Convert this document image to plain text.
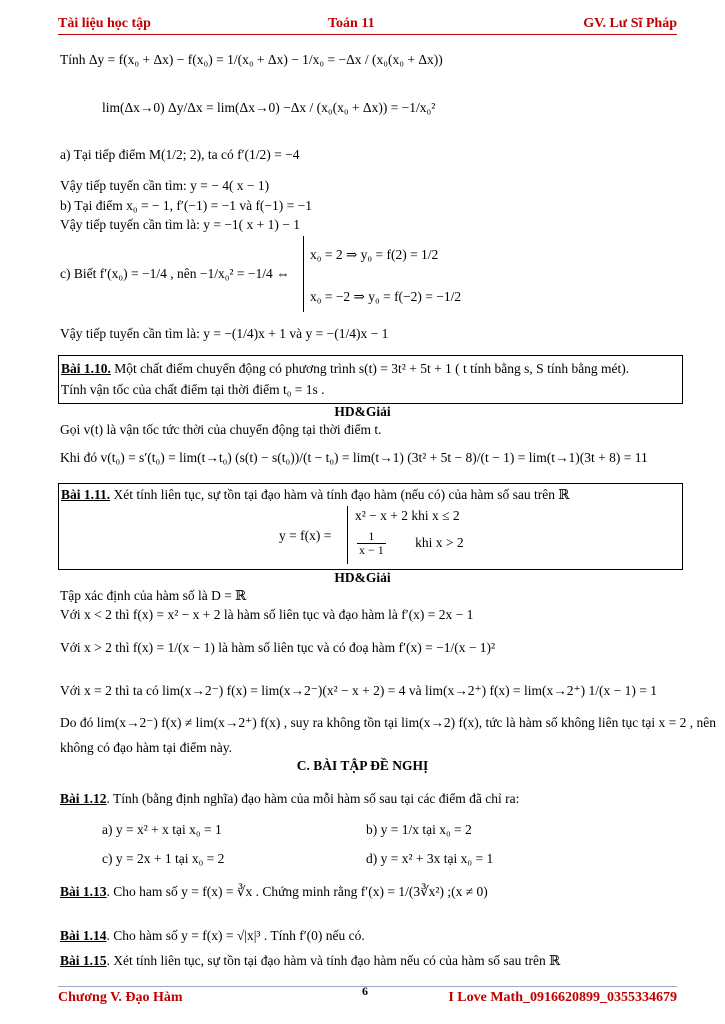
Tài liệu học tập	Toán 11	GV. Lư Sĩ Pháp
Tính Δy = f(x₀ + Δx) − f(x₀) = 1/(x₀ + Δx) − 1/x₀ = −Δx / (x₀(x₀ + Δx))
lim(Δx→0) Δy/Δx = lim(Δx→0) −Δx / (x₀(x₀ + Δx)) = −1/x₀²
a) Tại tiếp điểm M(1/2; 2), ta có f′(1/2) = −4
Vậy tiếp tuyến cần tìm: y = − 4( x − 1)
b) Tại điểm x₀ = − 1, f′(−1) = −1 và f(−1) = −1
Vậy tiếp tuyến cần tìm là: y = −1( x + 1) − 1
c) Biết f′(x₀) = −1/4 , nên −1/x₀² = −1/4 ⇔
x₀ = 2 ⇒ y₀ = f(2) = 1/2
x₀ = −2 ⇒ y₀ = f(−2) = −1/2
Vậy tiếp tuyến cần tìm là: y = −(1/4)x + 1 và y = −(1/4)x − 1
Bài 1.10. Một chất điểm chuyển động có phương trình s(t) = 3t² + 5t + 1 ( t tính bằng s, S tính bằng mét).
Tính vận tốc của chất điểm tại thời điểm t₀ = 1s .
HD&Giải
Gọi v(t) là vận tốc tức thời của chuyển động tại thời điểm t.
Khi đó v(t₀) = s′(t₀) = lim(t→t₀) (s(t) − s(t₀))/(t − t₀) = lim(t→1) (3t² + 5t − 8)/(t − 1) = lim(t→1)(3t + 8) = 11
Bài 1.11. Xét tính liên tục, sự tồn tại đạo hàm và tính đạo hàm (nếu có) của hàm số sau trên ℝ
y = f(x) =
x² − x + 2 khi x ≤ 2
$\frac{1}{x - 1}$ khi x > 2
HD&Giải
Tập xác định của hàm số là D = ℝ
Với x < 2 thì f(x) = x² − x + 2 là hàm số liên tục và đạo hàm là f′(x) = 2x − 1
Với x > 2 thì f(x) = 1/(x − 1) là hàm số liên tục và có đoạ hàm f′(x) = −1/(x − 1)²
Với x = 2 thì ta có lim(x→2⁻) f(x) = lim(x→2⁻)(x² − x + 2) = 4 và lim(x→2⁺) f(x) = lim(x→2⁺) 1/(x − 1) = 1
Do đó lim(x→2⁻) f(x) ≠ lim(x→2⁺) f(x) , suy ra không tồn tại lim(x→2) f(x), tức là hàm số không liên tục tại x = 2 , nên
không có đạo hàm tại điểm này.
C. BÀI TẬP ĐỀ NGHỊ
Bài 1.12. Tính (bằng định nghĩa) đạo hàm của mỗi hàm số sau tại các điểm đã chỉ ra:
a) y = x² + x tại x₀ = 1	b) y = 1/x tại x₀ = 2
c) y = 2x + 1 tại x₀ = 2	d) y = x² + 3x tại x₀ = 1
Bài 1.13. Cho ham số y = f(x) = ∛x . Chứng minh rằng f′(x) = 1/(3∛x²) ;(x ≠ 0)
Bài 1.14. Cho hàm số y = f(x) = √|x|³ . Tính f′(0) nếu có.
Bài 1.15. Xét tính liên tục, sự tồn tại đạo hàm và tính đạo hàm nếu có của hàm số sau trên ℝ
Chương V. Đạo Hàm	6	I Love Math_0916620899_0355334679
